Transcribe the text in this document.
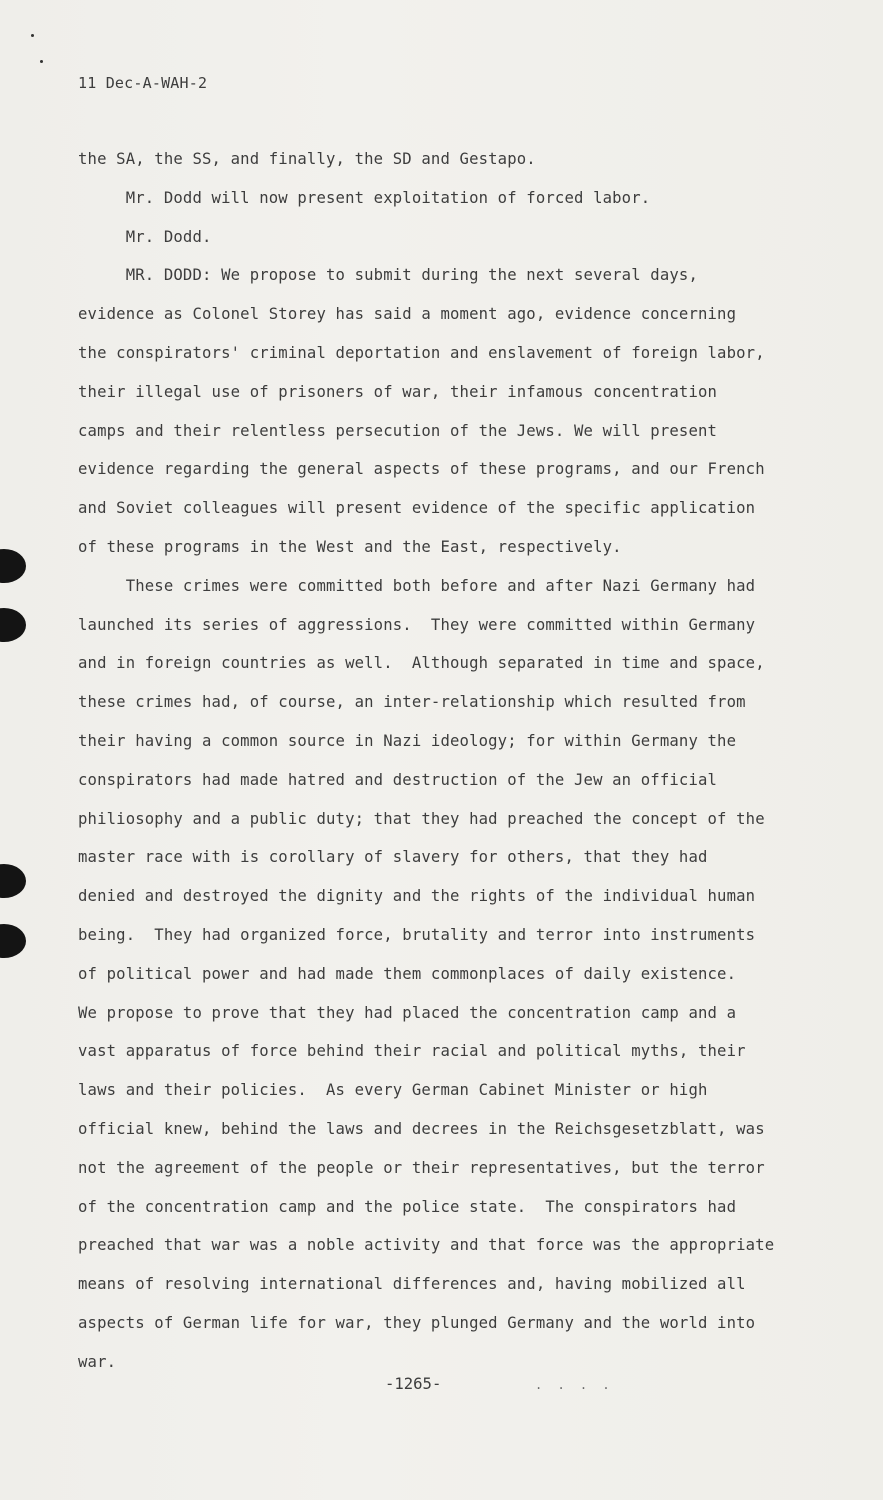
11 Dec-A-WAH-2
the SA, the SS, and finally, the SD and Gestapo.
Mr. Dodd will now present exploitation of forced labor.
Mr. Dodd.
MR. DODD: We propose to submit during the next several days,
evidence as Colonel Storey has said a moment ago, evidence concerning
the conspirators' criminal deportation and enslavement of foreign labor,
their illegal use of prisoners of war, their infamous concentration
camps and their relentless persecution of the Jews. We will present
evidence regarding the general aspects of these programs, and our French
and Soviet colleagues will present evidence of the specific application
of these programs in the West and the East, respectively.
These crimes were committed both before and after Nazi Germany had
launched its series of aggressions.  They were committed within Germany
and in foreign countries as well.  Although separated in time and space,
these crimes had, of course, an inter-relationship which resulted from
their having a common source in Nazi ideology; for within Germany the
conspirators had made hatred and destruction of the Jew an official
philiosophy and a public duty; that they had preached the concept of the
master race with is corollary of slavery for others, that they had
denied and destroyed the dignity and the rights of the individual human
being.  They had organized force, brutality and terror into instruments
of political power and had made them commonplaces of daily existence.
We propose to prove that they had placed the concentration camp and a
vast apparatus of force behind their racial and political myths, their
laws and their policies.  As every German Cabinet Minister or high
official knew, behind the laws and decrees in the Reichsgesetzblatt, was
not the agreement of the people or their representatives, but the terror
of the concentration camp and the police state.  The conspirators had
preached that war was a noble activity and that force was the appropriate
means of resolving international differences and, having mobilized all
aspects of German life for war, they plunged Germany and the world into
war.
-1265-	. . . .
